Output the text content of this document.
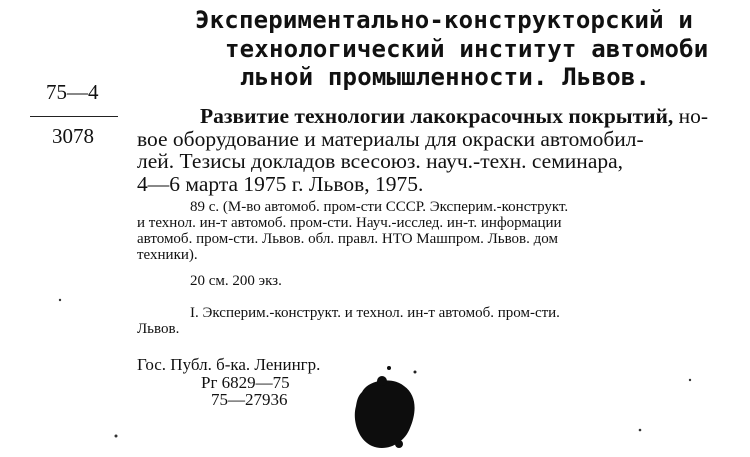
Экспериментально-конструкторский и
технологический институт автомоби
льной промышленности. Львов.
75—4
3078
Развитие технологии лакокрасочных покрытий, но-
вое оборудование и материалы для окраски автомобил-
лей. Тезисы докладов всесоюз. науч.-техн. семинара,
4—6 марта 1975 г. Львов, 1975.
89 с. (М-во автомоб. пром-сти СССР. Эксперим.-конструкт.
и технол. ин-т автомоб. пром-сти. Науч.-исслед. ин-т. информации
автомоб. пром-сти. Львов. обл. правл. НТО Машпром. Львов. дом
техники).
20 см. 200 экз.
I. Эксперим.-конструкт. и технол. ин-т автомоб. пром-сти.
Львов.
Гос. Публ. б-ка. Ленингр.
Рг 6829—75
75—27936
